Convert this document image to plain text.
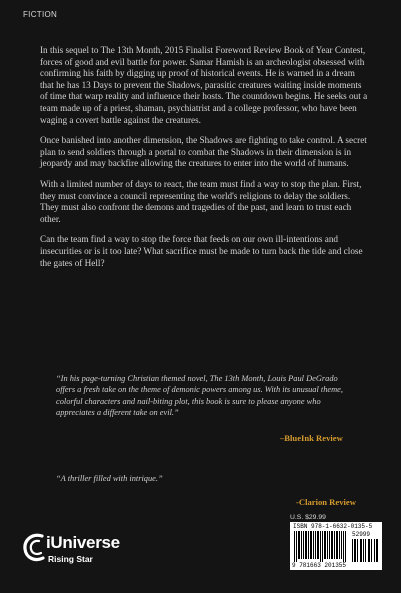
FICTION

In this sequel to The 13th Month, 2015 Finalist Foreword Review Book of Year Contest, forces of good and evil battle for power. Samar Hamish is an archeologist obsessed with confirming his faith by digging up proof of historical events. He is warned in a dream that he has 13 Days to prevent the Shadows, parasitic creatures waiting inside moments of time that warp reality and influence their hosts. The countdown begins. He seeks out a team made up of a priest, shaman, psychiatrist and a college professor, who have been waging a covert battle against the creatures.

Once banished into another dimension, the Shadows are fighting to take control. A secret plan to send soldiers through a portal to combat the Shadows in their dimension is in jeopardy and may backfire allowing the creatures to enter into the world of humans.

With a limited number of days to react, the team must find a way to stop the plan. First, they must convince a council representing the world's religions to delay the soldiers. They must also confront the demons and tragedies of the past, and learn to trust each other.

Can the team find a way to stop the force that feeds on our own ill-intentions and insecurities or is it too late? What sacrifice must be made to turn back the tide and close the gates of Hell?

“In his page-turning Christian themed novel, The 13th Month, Louis Paul DeGrado offers a fresh take on the theme of demonic powers among us. With its unusual theme, colorful characters and nail-biting plot, this book is sure to please anyone who appreciates a different take on evil.”
–BlueInk Review
“A thriller filled with intrique.”
-Clarion Review
U.S. $29.99
ISBN 978-1-6632-0135-5
52999
9 781663 201355
iUniverse
Rising Star
